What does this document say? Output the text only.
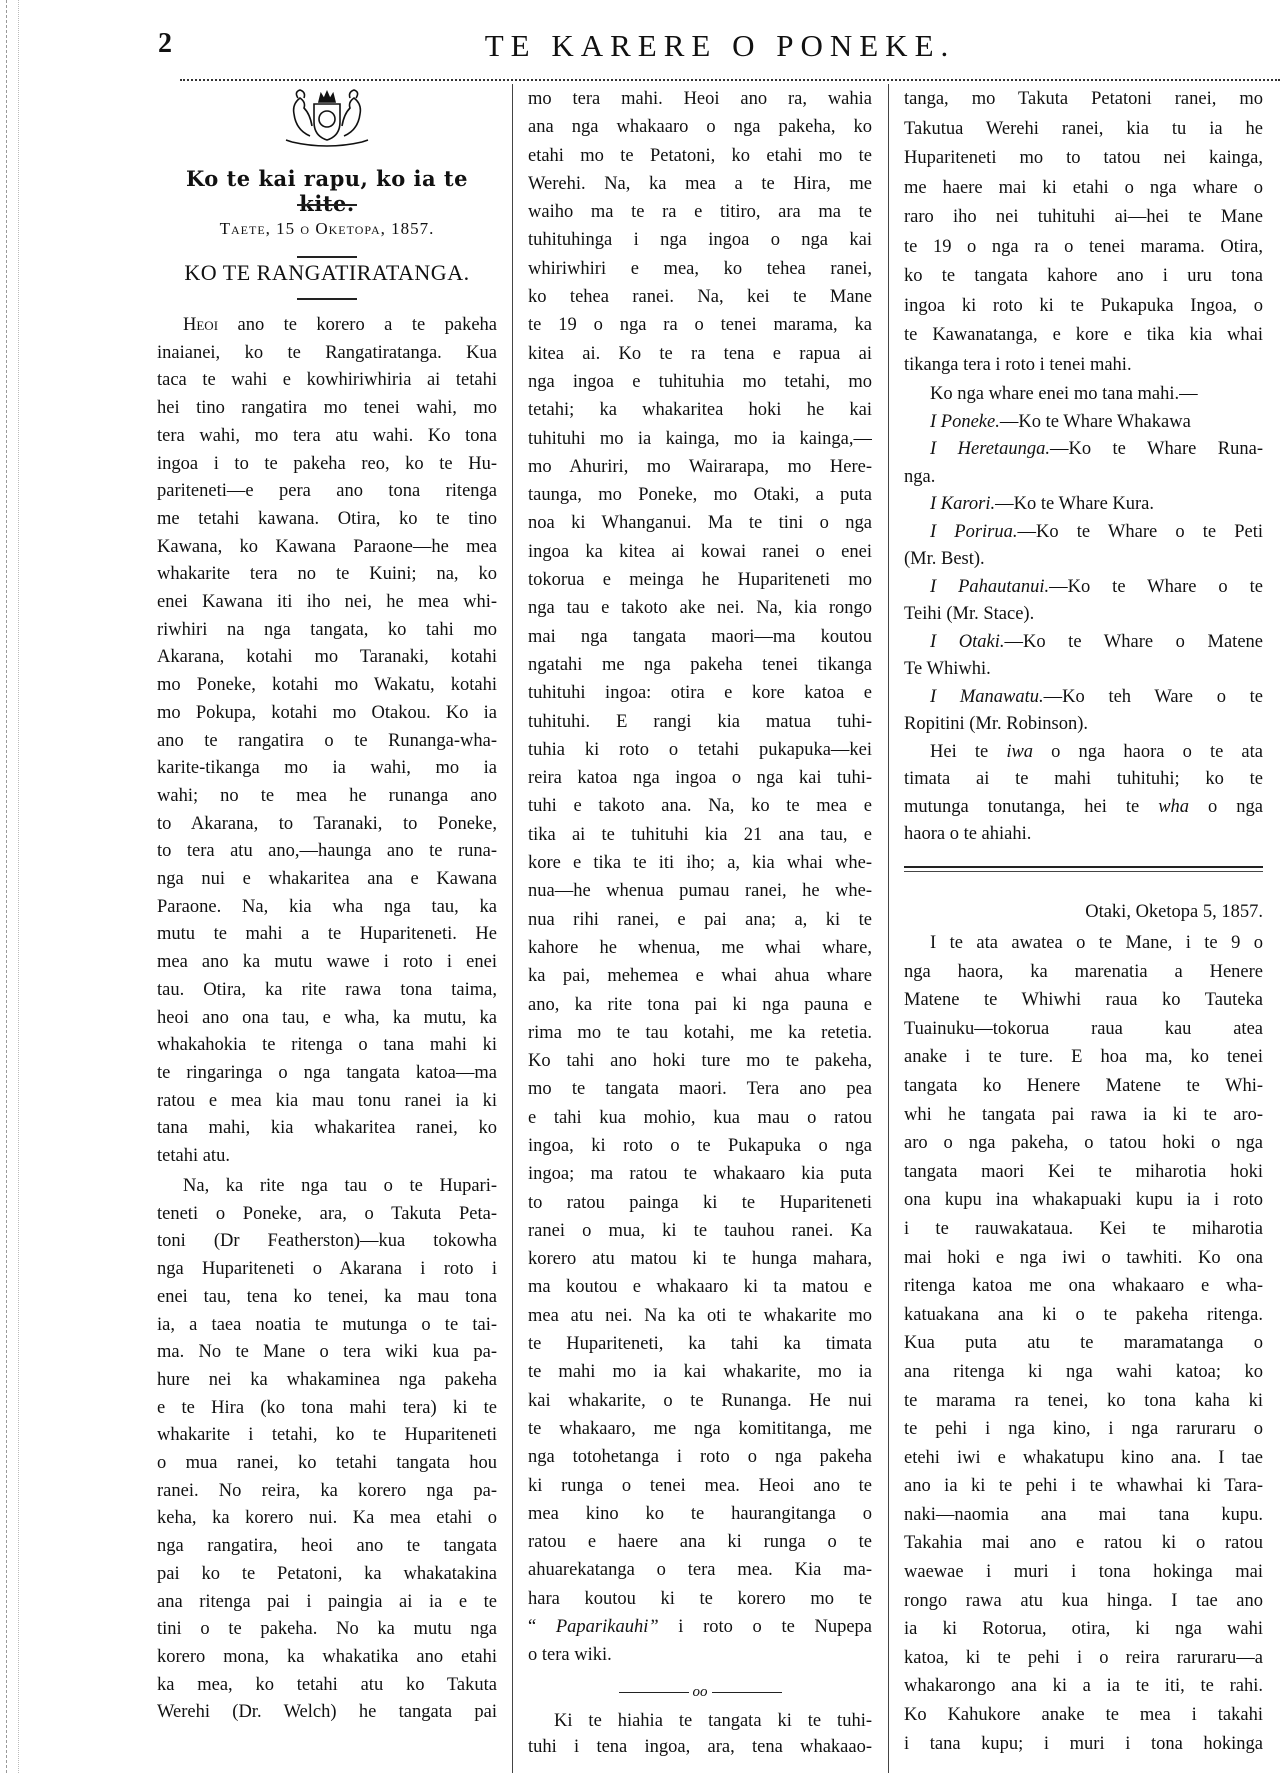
2	TE KARERE O PONEKE.
Ko te kai rapu, ko ia te kite.
Taete, 15 o Oketopa, 1857.
KO TE RANGATIRATANGA.
Heoi ano te korero a te pakeha
inaianei, ko te Rangatiratanga. Kua
taca te wahi e kowhiriwhiria ai tetahi
hei tino rangatira mo tenei wahi, mo
tera wahi, mo tera atu wahi. Ko tona
ingoa i to te pakeha reo, ko te Hu-
pariteneti—e pera ano tona ritenga
me tetahi kawana. Otira, ko te tino
Kawana, ko Kawana Paraone—he mea
whakarite tera no te Kuini; na, ko
enei Kawana iti iho nei, he mea whi-
riwhiri na nga tangata, ko tahi mo
Akarana, kotahi mo Taranaki, kotahi
mo Poneke, kotahi mo Wakatu, kotahi
mo Pokupa, kotahi mo Otakou. Ko ia
ano te rangatira o te Runanga-wha-
karite-tikanga mo ia wahi, mo ia
wahi; no te mea he runanga ano
to Akarana, to Taranaki, to Poneke,
to tera atu ano,—haunga ano te runa-
nga nui e whakaritea ana e Kawana
Paraone. Na, kia wha nga tau, ka
mutu te mahi a te Hupariteneti. He
mea ano ka mutu wawe i roto i enei
tau. Otira, ka rite rawa tona taima,
heoi ano ona tau, e wha, ka mutu, ka
whakahokia te ritenga o tana mahi ki
te ringaringa o nga tangata katoa—ma
ratou e mea kia mau tonu ranei ia ki
tana mahi, kia whakaritea ranei, ko
tetahi atu.
Na, ka rite nga tau o te Hupari-
teneti o Poneke, ara, o Takuta Peta-
toni (Dr Featherston)—kua tokowha
nga Hupariteneti o Akarana i roto i
enei tau, tena ko tenei, ka mau tona
ia, a taea noatia te mutunga o te tai-
ma. No te Mane o tera wiki kua pa-
hure nei ka whakaminea nga pakeha
e te Hira (ko tona mahi tera) ki te
whakarite i tetahi, ko te Hupariteneti
o mua ranei, ko tetahi tangata hou
ranei. No reira, ka korero nga pa-
keha, ka korero nui. Ka mea etahi o
nga rangatira, heoi ano te tangata
pai ko te Petatoni, ka whakatakina
ana ritenga pai i paingia ai ia e te
tini o te pakeha. No ka mutu nga
korero mona, ka whakatika ano etahi
ka mea, ko tetahi atu ko Takuta
Werehi (Dr. Welch) he tangata pai
mo tera mahi. Heoi ano ra, wahia
ana nga whakaaro o nga pakeha, ko
etahi mo te Petatoni, ko etahi mo te
Werehi. Na, ka mea a te Hira, me
waiho ma te ra e titiro, ara ma te
tuhituhinga i nga ingoa o nga kai
whiriwhiri e mea, ko tehea ranei,
ko tehea ranei. Na, kei te Mane
te 19 o nga ra o tenei marama, ka
kitea ai. Ko te ra tena e rapua ai
nga ingoa e tuhituhia mo tetahi, mo
tetahi; ka whakaritea hoki he kai
tuhituhi mo ia kainga, mo ia kainga,—
mo Ahuriri, mo Wairarapa, mo Here-
taunga, mo Poneke, mo Otaki, a puta
noa ki Whanganui. Ma te tini o nga
ingoa ka kitea ai kowai ranei o enei
tokorua e meinga he Hupariteneti mo
nga tau e takoto ake nei. Na, kia rongo
mai nga tangata maori—ma koutou
ngatahi me nga pakeha tenei tikanga
tuhituhi ingoa: otira e kore katoa e
tuhituhi. E rangi kia matua tuhi-
tuhia ki roto o tetahi pukapuka—kei
reira katoa nga ingoa o nga kai tuhi-
tuhi e takoto ana. Na, ko te mea e
tika ai te tuhituhi kia 21 ana tau, e
kore e tika te iti iho; a, kia whai whe-
nua—he whenua pumau ranei, he whe-
nua rihi ranei, e pai ana; a, ki te
kahore he whenua, me whai whare,
ka pai, mehemea e whai ahua whare
ano, ka rite tona pai ki nga pauna e
rima mo te tau kotahi, me ka retetia.
Ko tahi ano hoki ture mo te pakeha,
mo te tangata maori. Tera ano pea
e tahi kua mohio, kua mau o ratou
ingoa, ki roto o te Pukapuka o nga
ingoa; ma ratou te whakaaro kia puta
to ratou painga ki te Hupariteneti
ranei o mua, ki te tauhou ranei. Ka
korero atu matou ki te hunga mahara,
ma koutou e whakaaro ki ta matou e
mea atu nei. Na ka oti te whakarite mo
te Hupariteneti, ka tahi ka timata
te mahi mo ia kai whakarite, mo ia
kai whakarite, o te Runanga. He nui
te whakaaro, me nga komititanga, me
nga totohetanga i roto o nga pakeha
ki runga o tenei mea. Heoi ano te
mea kino ko te haurangitanga o
ratou e haere ana ki runga o te
ahuarekatanga o tera mea. Kia ma-
hara koutou ki te korero mo te
“ Paparikauhi” i roto o te Nupepa
o tera wiki.
oo
Ki te hiahia te tangata ki te tuhi-
tuhi i tena ingoa, ara, tena whakaao-
tanga, mo Takuta Petatoni ranei, mo
Takutua Werehi ranei, kia tu ia he
Hupariteneti mo to tatou nei kainga,
me haere mai ki etahi o nga whare o
raro iho nei tuhituhi ai—hei te Mane
te 19 o nga ra o tenei marama. Otira,
ko te tangata kahore ano i uru tona
ingoa ki roto ki te Pukapuka Ingoa, o
te Kawanatanga, e kore e tika kia whai
tikanga tera i roto i tenei mahi.
Ko nga whare enei mo tana mahi.—
I Poneke.—Ko te Whare Whakawa
I Heretaunga.—Ko te Whare Runa-
nga.
I Karori.—Ko te Whare Kura.
I Porirua.—Ko te Whare o te Peti
(Mr. Best).
I Pahautanui.—Ko te Whare o te
Teihi (Mr. Stace).
I Otaki.—Ko te Whare o Matene
Te Whiwhi.
I Manawatu.—Ko teh Ware o te
Ropitini (Mr. Robinson).
Hei te iwa o nga haora o te ata
timata ai te mahi tuhituhi; ko te
mutunga tonutanga, hei te wha o nga
haora o te ahiahi.
Otaki, Oketopa 5, 1857.
I te ata awatea o te Mane, i te 9 o
nga haora, ka marenatia a Henere
Matene te Whiwhi raua ko Tauteka
Tuainuku—tokorua raua kau atea
anake i te ture. E hoa ma, ko tenei
tangata ko Henere Matene te Whi-
whi he tangata pai rawa ia ki te aro-
aro o nga pakeha, o tatou hoki o nga
tangata maori Kei te miharotia hoki
ona kupu ina whakapuaki kupu ia i roto
i te rauwakataua. Kei te miharotia
mai hoki e nga iwi o tawhiti. Ko ona
ritenga katoa me ona whakaaro e wha-
katuakana ana ki o te pakeha ritenga.
Kua puta atu te maramatanga o
ana ritenga ki nga wahi katoa; ko
te marama ra tenei, ko tona kaha ki
te pehi i nga kino, i nga raruraru o
etehi iwi e whakatupu kino ana. I tae
ano ia ki te pehi i te whawhai ki Tara-
naki—naomia ana mai tana kupu.
Takahia mai ano e ratou ki o ratou
waewae i muri i tona hokinga mai
rongo rawa atu kua hinga. I tae ano
ia ki Rotorua, otira, ki nga wahi
katoa, ki te pehi i o reira raruraru—a
whakarongo ana ki a ia te iti, te rahi.
Ko Kahukore anake te mea i takahi
i tana kupu; i muri i tona hokinga
